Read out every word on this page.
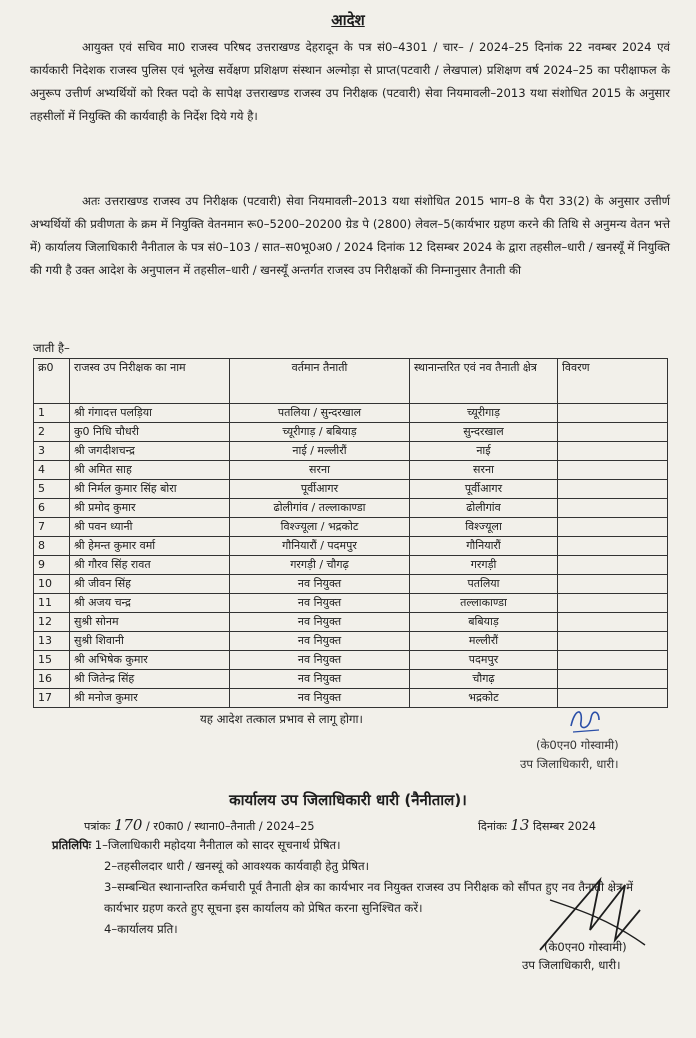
आदेश
आयुक्त एवं सचिव मा0 राजस्व परिषद उत्तराखण्ड देहरादून के पत्र सं0–4301 / चार– / 2024–25 दिनांक 22 नवम्बर 2024 एवं कार्यकारी निदेशक राजस्व पुलिस एवं भूलेख सर्वेक्षण प्रशिक्षण संस्थान अल्मोड़ा से प्राप्त(पटवारी / लेखपाल) प्रशिक्षण वर्ष 2024–25 का परीक्षाफल के अनुरूप उत्तीर्ण अभ्यर्थियों को रिक्त पदो के सापेक्ष उत्तराखण्ड राजस्व उप निरीक्षक (पटवारी) सेवा नियमावली–2013 यथा संशोधित 2015 के अनुसार तहसीलों में नियुक्ति की कार्यवाही के निर्देश दिये गये है।
अतः उत्तराखण्ड राजस्व उप निरीक्षक (पटवारी) सेवा नियमावली–2013 यथा संशोधित 2015 भाग–8 के पैरा 33(2) के अनुसार उत्तीर्ण अभ्यर्थियों की प्रवीणता के क्रम में नियुक्ति वेतनमान रू0–5200–20200 ग्रेड पे (2800) लेवल–5(कार्यभार ग्रहण करने की तिथि से अनुमन्य वेतन भत्ते में) कार्यालय जिलाधिकारी नैनीताल के पत्र सं0–103 / सात–स0भू0अ0 / 2024 दिनांक 12 दिसम्बर 2024 के द्वारा तहसील–धारी / खनस्यूँ में नियुक्ति की गयी है उक्त आदेश के अनुपालन में तहसील–धारी / खनस्यूँ अन्तर्गत राजस्व उप निरीक्षकों की निम्नानुसार तैनाती की
जाती है–
क्र0	राजस्व उप निरीक्षक का नाम	वर्तमान तैनाती	स्थानान्तरित एवं नव तैनाती क्षेत्र	विवरण
1	श्री गंगादत्त पलड़िया	पतलिया / सुन्दरखाल	च्यूरीगाड़	
2	कु0 निधि चौधरी	च्यूरीगाड़ / बबियाड़	सुन्दरखाल	
3	श्री जगदीशचन्द्र	नाई / मल्लीरौं	नाई	
4	श्री अमित साह	सरना	सरना	
5	श्री निर्मल कुमार सिंह बोरा	पूर्वीआगर	पूर्वीआगर	
6	श्री प्रमोद कुमार	ढोलीगांव / तल्लाकाण्डा	ढोलीगांव	
7	श्री पवन ध्यानी	विश्ज्यूला / भद्रकोट	विश्ज्यूला	
8	श्री हेमन्त कुमार वर्मा	गौनियारौं / पदमपुर	गौनियारौं	
9	श्री गौरव सिंह रावत	गरगड़ी / चौगढ़	गरगड़ी	
10	श्री जीवन सिंह	नव नियुक्त	पतलिया	
11	श्री अजय चन्द्र	नव नियुक्त	तल्लाकाण्डा	
12	सुश्री सोनम	नव नियुक्त	बबियाड़	
13	सुश्री शिवानी	नव नियुक्त	मल्लीरौं	
15	श्री अभिषेक कुमार	नव नियुक्त	पदमपुर	
16	श्री जितेन्द्र सिंह	नव नियुक्त	चौगढ़	
17	श्री मनोज कुमार	नव नियुक्त	भद्रकोट	
यह आदेश तत्काल प्रभाव से लागू होगा।
(के0एन0 गोस्वामी)
उप जिलाधिकारी, धारी।
कार्यालय उप जिलाधिकारी धारी (नैनीताल)।
पत्रांकः 170 / र0का0 / स्थाना0–तैनाती / 2024–25	दिनांकः 13 दिसम्बर 2024
प्रतिलिपिः 1–जिलाधिकारी महोदया नैनीताल को सादर सूचनार्थ प्रेषित।
2–तहसीलदार धारी / खनस्यूं को आवश्यक कार्यवाही हेतु प्रेषित।
3–सम्बन्धित स्थानान्तरित कर्मचारी पूर्व तैनाती क्षेत्र का कार्यभार नव नियुक्त राजस्व उप निरीक्षक को सौंपत हुए नव तैनाती क्षेत्र में कार्यभार ग्रहण करते हुए सूचना इस कार्यालय को प्रेषित करना सुनिश्चित करें।
4–कार्यालय प्रति।
(के0एन0 गोस्वामी)
उप जिलाधिकारी, धारी।
